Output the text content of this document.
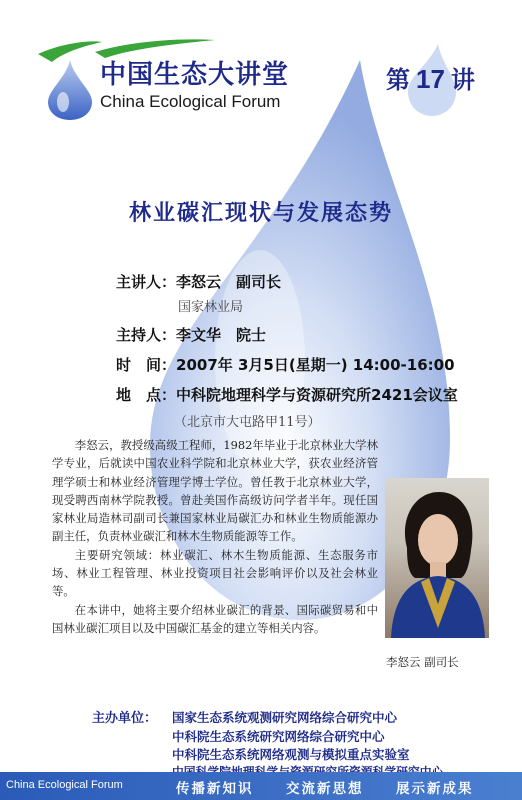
中国生态大讲堂
China Ecological Forum
第 17 讲
林业碳汇现状与发展态势
主讲人：李怒云　 副司长
国家林业局
主持人：李文华　 院士
时　间：2007年 3月5日(星期一) 14:00-16:00
地　点：中科院地理科学与资源研究所2421会议室
（北京市大屯路甲11号）

李怒云，教授级高级工程师，1982年毕业于北京林业大学林学专业，后就读中国农业科学院和北京林业大学，获农业经济管理学硕士和林业经济管理学博士学位。曾任教于北京林业大学，现受聘西南林学院教授。曾赴美国作高级访问学者半年。现任国家林业局造林司副司长兼国家林业局碳汇办和林业生物质能源办副主任，负责林业碳汇和林木生物质能源等工作。

主要研究领域：林业碳汇、林木生物质能源、生态服务市场、林业工程管理、林业投资项目社会影响评价以及社会林业等。

在本讲中，她将主要介绍林业碳汇的背景、国际碳贸易和中国林业碳汇项目以及中国碳汇基金的建立等相关内容。

李怒云 副司长
主办单位： 国家生态系统观测研究网络综合研究中心
中科院生态系统研究网络综合研究中心
中科院生态系统网络观测与模拟重点实验室
China Ecological Forum	传播新知识 交流新思想 展示新成果
